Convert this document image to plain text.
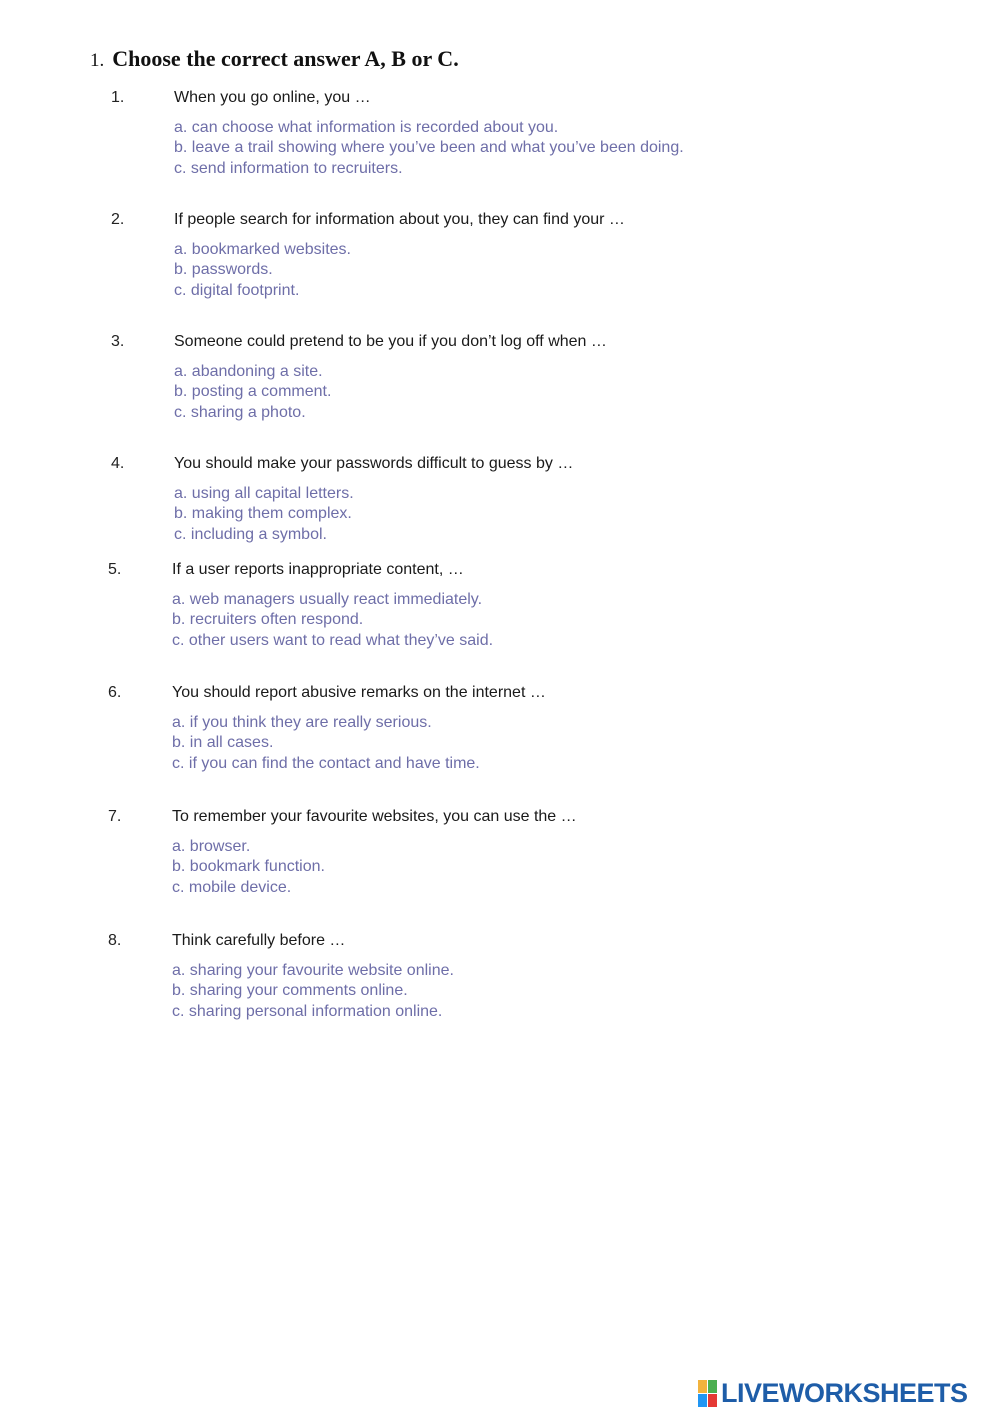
1. Choose the correct answer A, B or C.
1.	When you go online, you …
a. can choose what information is recorded about you.
b. leave a trail showing where you’ve been and what you’ve been doing.
c. send information to recruiters.
2.	If people search for information about you, they can find your …
a. bookmarked websites.
b. passwords.
c. digital footprint.
3.	Someone could pretend to be you if you don’t log off when …
a. abandoning a site.
b. posting a comment.
c. sharing a photo.
4.	You should make your passwords difficult to guess by …
a. using all capital letters.
b. making them complex.
c. including a symbol.
5.	If a user reports inappropriate content, …
a. web managers usually react immediately.
b. recruiters often respond.
c. other users want to read what they’ve said.
6.	You should report abusive remarks on the internet …
a. if you think they are really serious.
b. in all cases.
c. if you can find the contact and have time.
7.	To remember your favourite websites, you can use the …
a. browser.
b. bookmark function.
c. mobile device.
8.	Think carefully before …
a. sharing your favourite website online.
b. sharing your comments online.
c. sharing personal information online.
LIVEWORKSHEETS
